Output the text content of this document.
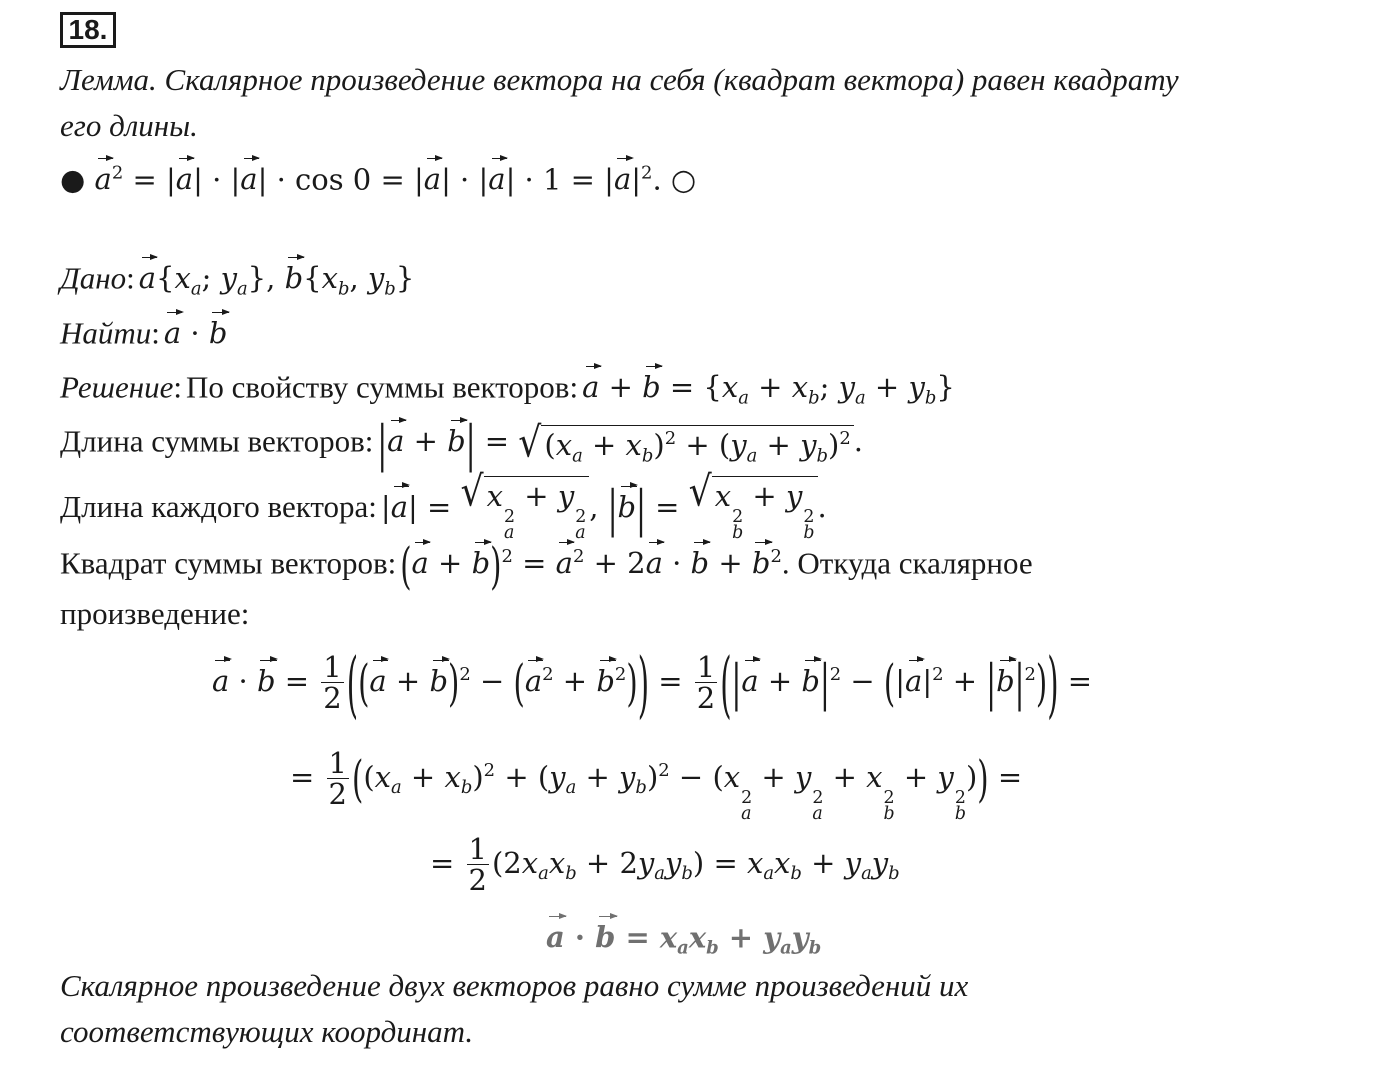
18.
Лемма. Скалярное произведение вектора на себя (квадрат вектора) равен квадрату
его длины.
● $a^2 = |a| \cdot |a| \cdot \cos 0 = |a| \cdot |a| \cdot 1 = |a|^2$. ○
Дано: $a\{x_a$; $y_a$}, $b\{x_b$, $y_b$}
Найти: a · b
Решение: По свойству суммы векторов: $a + b = \{x_a + x_b$; $y_a + y_b$}
Длина суммы векторов: |a + b| = √ $(x_a + x_b)^2 + (y_a + y_b)^2$ .
Длина каждого вектора: |a| = √ x
2
a
+ y
2
a
, |b| = √ x
2
b
+ y
2
b
.
Квадрат суммы векторов: $(a + b)^2 = a^2 + 2a \cdot b + b^2$. Откуда скалярное
произведение:
$a \cdot b = \frac{1}{2} ((a + b)^2 - (a^2 + b^2)) = \frac{1}{2} (|a + b|^2 - (|a|^2 + |b|^2))$ =
= $\frac{1}{2} ((x_a + x_b)^2 + (y_a + y_b)^2 - (x$
2
a
+ y
2
a
+ x
2
b
+ y
2
b
)) =
= $\frac{1}{2} (2x_ax_b + 2y_ay_b) = x_ax_b + y_ay_b$
$a \cdot b = x_ax_b + y_ay_b$
Скалярное произведение двух векторов равно сумме произведений их
соответствующих координат.
